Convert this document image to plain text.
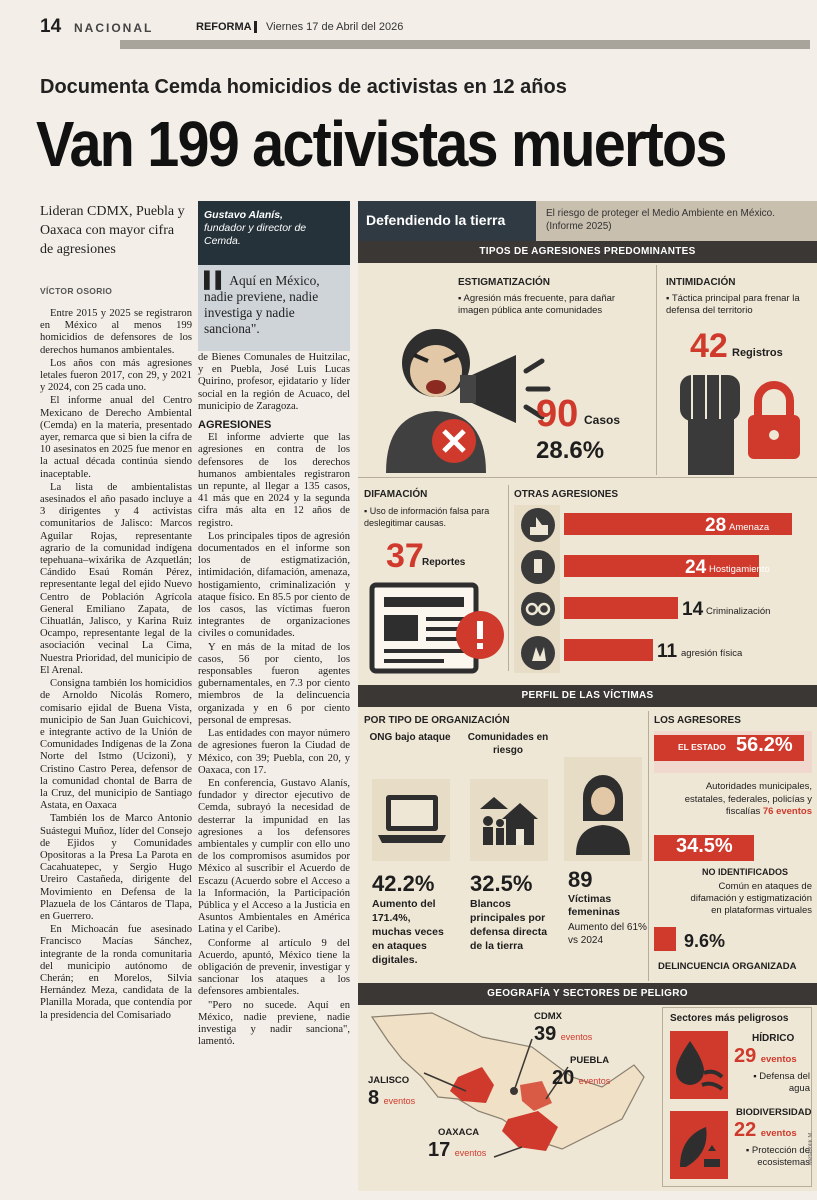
14 NACIONAL	REFORMA Viernes 17 de Abril del 2026
Documenta Cemda homicidios de activistas en 12 años
Van 199 activistas muertos
Lideran CDMX, Puebla y Oaxaca con mayor cifra de agresiones
VÍCTOR OSORIO

Entre 2015 y 2025 se registraron en México al menos 199 homicidios de defensores de los derechos humanos ambientales.

Los años con más agresiones letales fueron 2017, con 29, y 2021 y 2024, con 25 cada uno.

El informe anual del Centro Mexicano de Derecho Ambiental (Cemda) en la materia, presentado ayer, remarca que si bien la cifra de 10 asesinatos en 2025 fue menor en la actual década continúa siendo inaceptable.

La lista de ambientalistas asesinados el año pasado incluye a 3 dirigentes y 4 activistas comunitarios de Jalisco: Marcos Aguilar Rojas, representante agrario de la comunidad indígena tepehuana–wixárika de Azquetlán; Cándido Esaú Román Pérez, representante legal del ejido Nuevo Centro de Población Agrícola General Emiliano Zapata, de Cihuatlán, Jalisco, y Karina Ruiz Ocampo, representante legal de la asociación vecinal La Cima, Nuestra Prioridad, del municipio de El Arenal.

Consigna también los homicidios de Arnoldo Nicolás Romero, comisario ejidal de Buena Vista, municipio de San Juan Guichicovi, e integrante activo de la Unión de Comunidades Indígenas de la Zona Norte del Istmo (Ucizoni), y Cristino Castro Perea, defensor de la comunidad chontal de Barra de la Cruz, del municipio de Santiago Astata, en Oaxaca

También los de Marco Antonio Suástegui Muñoz, líder del Consejo de Ejidos y Comunidades Opositoras a la Presa La Parota en Cacahuatepec, y Sergio Hugo Ureiro Castañeda, dirigente del Movimiento en Defensa de la Plazuela de los Cántaros de Tlapa, en Guerrero.

En Michoacán fue asesinado Francisco Macías Sánchez, integrante de la ronda comunitaria del municipio autónomo de Cherán; en Morelos, Silvia Hernández Meza, candidata de la Planilla Morada, que contendía por la presidencia del Comisariado

Gustavo Alanís,
fundador y director de Cemda.
▌▌ Aquí en México, nadie previene, nadie investiga y nadie sanciona".

de Bienes Comunales de Huitzilac, y en Puebla, José Luis Lucas Quirino, profesor, ejidatario y líder social en la región de Acuaco, del municipio de Zaragoza.

AGRESIONES

El informe advierte que las agresiones en contra de los defensores de los derechos humanos ambientales registraron un repunte, al llegar a 135 casos, 41 más que en 2024 y la segunda cifra más alta en 12 años de registro.

Los principales tipos de agresión documentados en el informe son los de estigmatización, intimidación, difamación, amenaza, hostigamiento, criminalización y ataque físico. En 85.5 por ciento de los casos, las víctimas fueron integrantes de organizaciones civiles o comunidades.

Y en más de la mitad de los casos, 56 por ciento, los responsables fueron agentes gubernamentales, en 7.3 por ciento miembros de la delincuencia organizada y en 6 por ciento personal de empresas.

Las entidades con mayor número de agresiones fueron la Ciudad de México, con 39; Puebla, con 20, y Oaxaca, con 17.

En conferencia, Gustavo Alanís, fundador y director ejecutivo de Cemda, subrayó la necesidad de desterrar la impunidad en las agresiones a los defensores ambientales y cumplir con ello uno de los compromisos asumidos por México al suscribir el Acuerdo de Escazu (Acuerdo sobre el Acceso a la Información, la Participación Pública y el Acceso a la Justicia en Asuntos Ambientales en América Latina y el Caribe).

Conforme al artículo 9 del Acuerdo, apuntó, México tiene la obligación de prevenir, investigar y sancionar los ataques a los defensores ambientales.

"Pero no sucede. Aquí en México, nadie previene, nadie investiga y nadir sanciona", lamentó.

Defendiendo la tierra	El riesgo de proteger el Medio Ambiente en México. (Informe 2025)
TIPOS DE AGRESIONES PREDOMINANTES
ESTIGMATIZACIÓN
▪ Agresión más frecuente, para dañar imagen pública ante comunidades
90 Casos
28.6%
INTIMIDACIÓN
▪ Táctica principal para frenar la defensa del territorio
42 Registros
DIFAMACIÓN
▪ Uso de información falsa para deslegitimar causas.
37
Reportes
OTRAS AGRESIONES
28 Amenaza
24 Hostigamiento
14 Criminalización
11 agresión física
PERFIL DE LAS VÍCTIMAS
POR TIPO DE ORGANIZACIÓN
ONG bajo ataque
42.2%
Aumento del 171.4%, muchas veces en ataques digitales.
Comunidades en riesgo
32.5%
Blancos principales por defensa directa de la tierra
89
Víctimas femeninas
Aumento del 61% vs 2024
LOS AGRESORES
EL ESTADO 56.2%
Autoridades municipales, estatales, federales, policías y fiscalías 76 eventos
34.5%
NO IDENTIFICADOS
Común en ataques de difamación y estigmatización en plataformas virtuales
9.6%
DELINCUENCIA ORGANIZADA
GEOGRAFÍA Y SECTORES DE PELIGRO
CDMX
39 eventos
PUEBLA
20 eventos
JALISCO
8 eventos
OAXACA
17 eventos
Sectores más peligrosos
HÍDRICO
29 eventos
▪ Defensa del agua
BIODIVERSIDAD
22 eventos
▪ Protección de ecosistemas
Metabolik M.
